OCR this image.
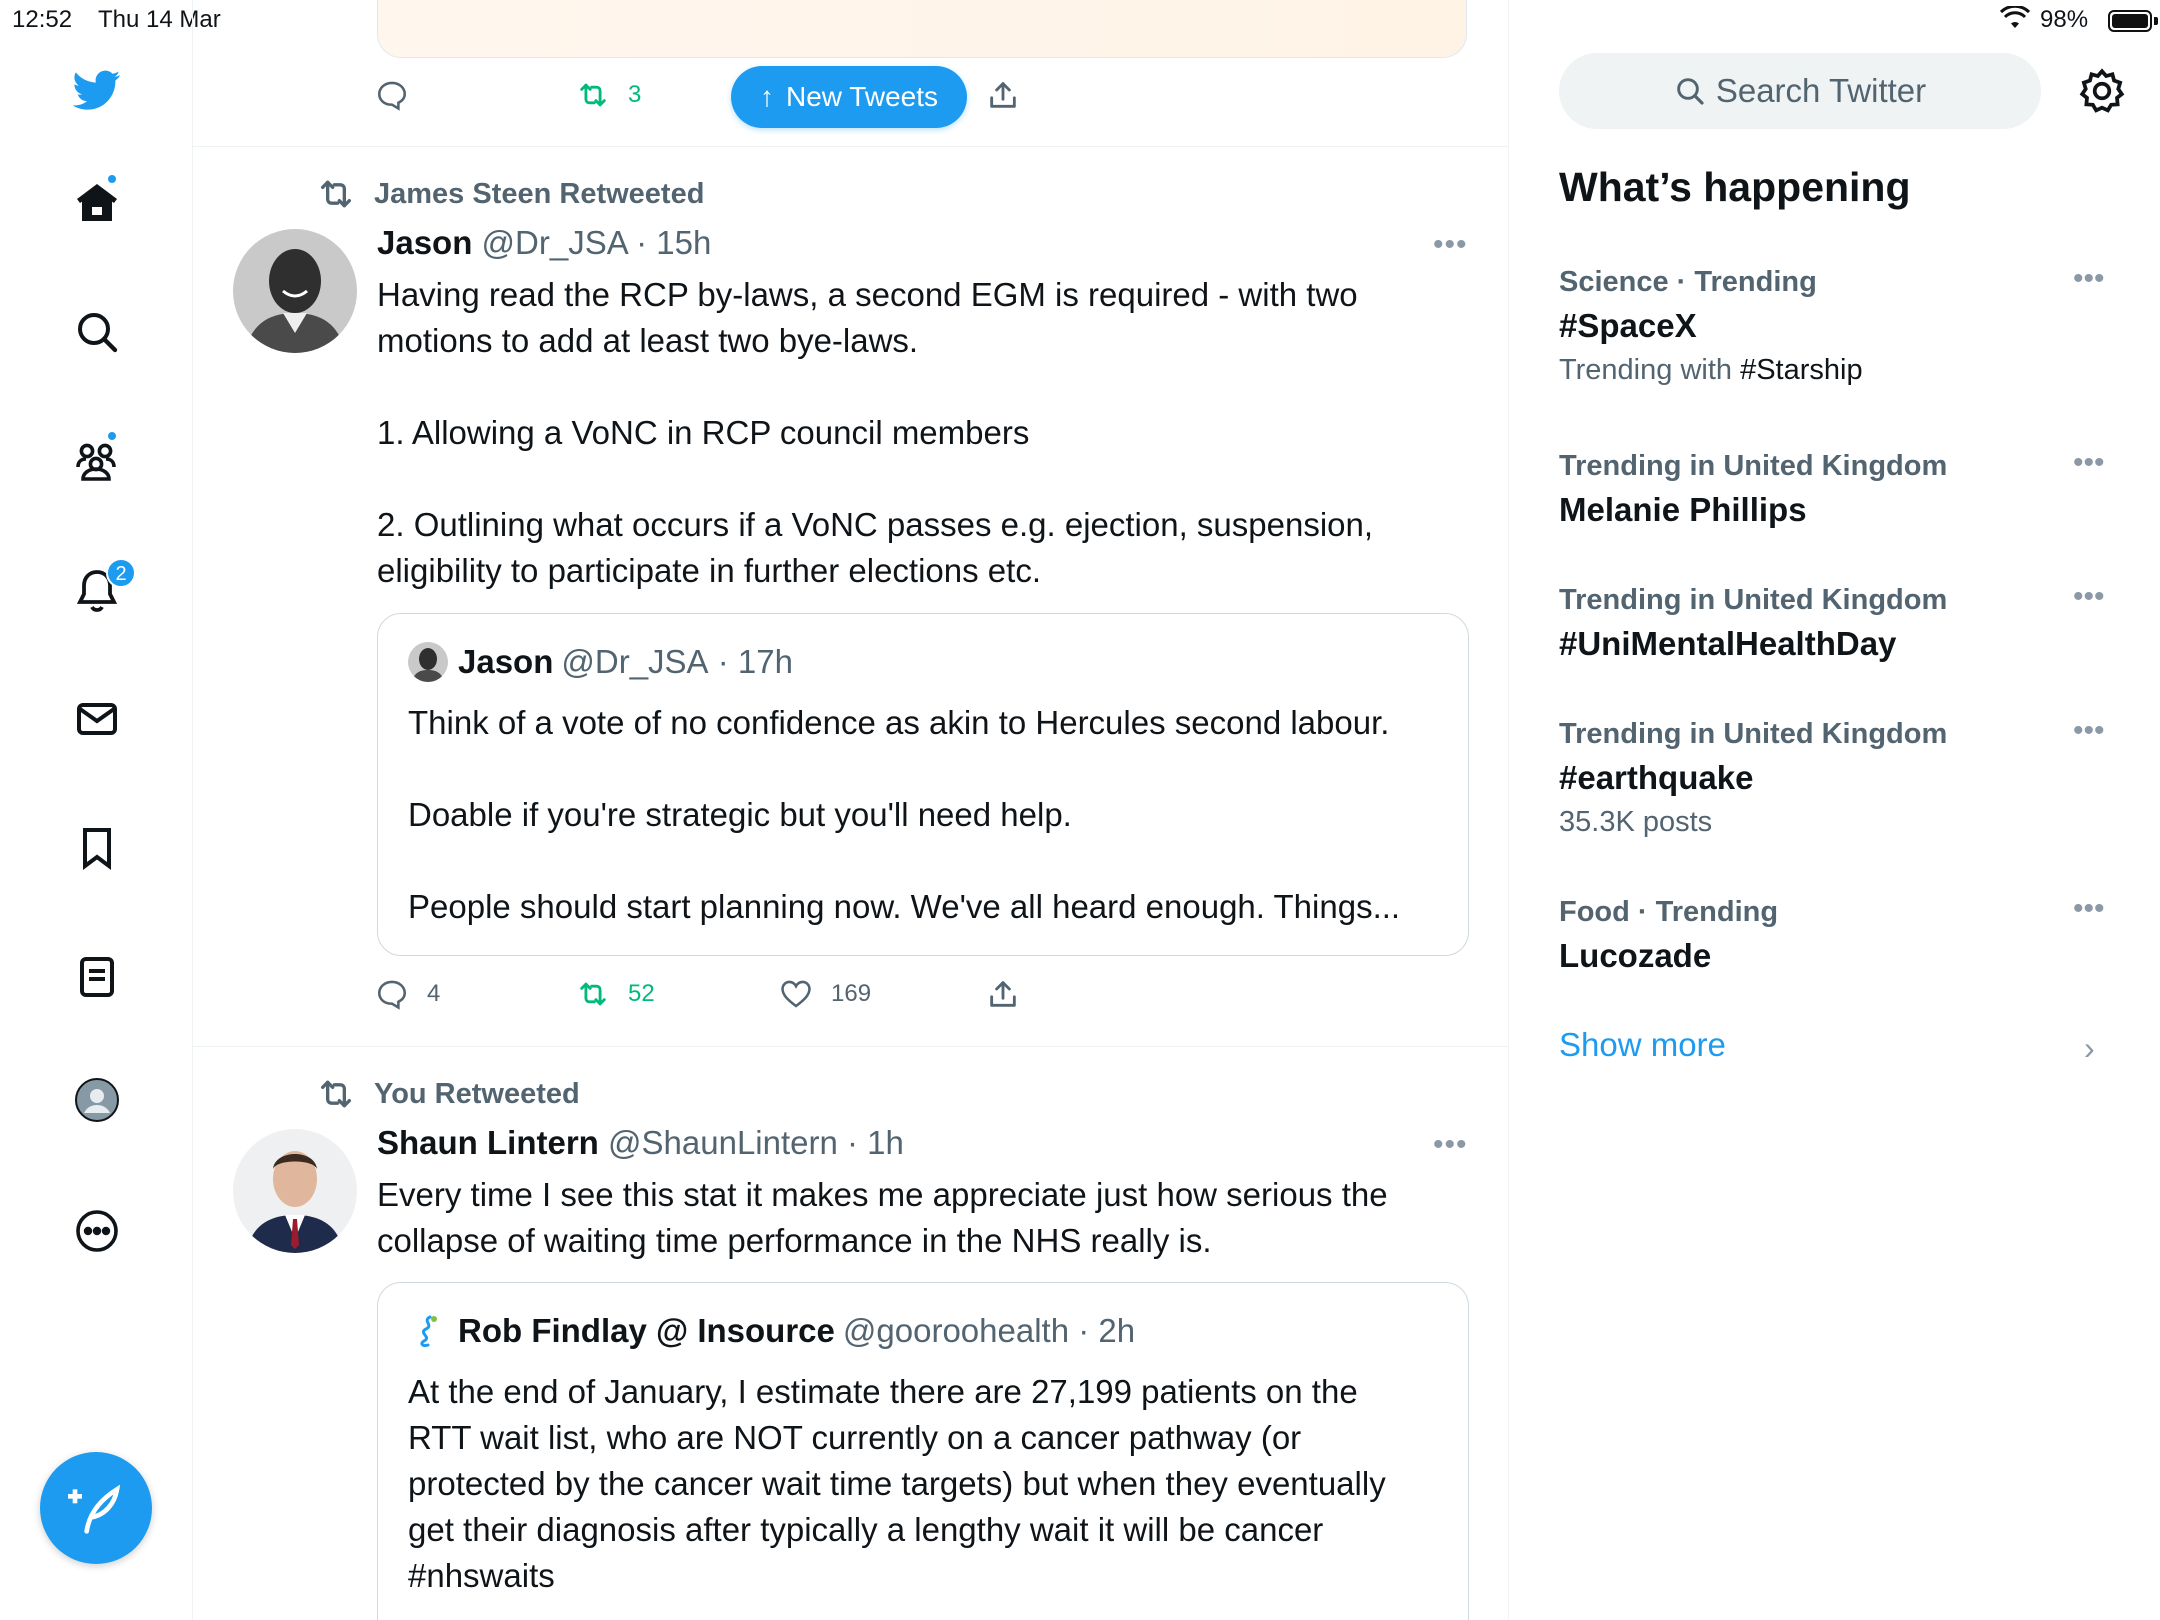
12:52 Thu 14 Mar	98%
2
3	↑ New Tweets
James Steen Retweeted
Jason @Dr_JSA · 15h	•••

Having read the RCP by-laws, a second EGM is required - with two

motions to add at least two bye-laws.

1. Allowing a VoNC in RCP council members

2. Outlining what occurs if a VoNC passes e.g. ejection, suspension,

eligibility to participate in further elections etc.

Jason @Dr_JSA · 17h

Think of a vote of no confidence as akin to Hercules second labour.

Doable if you're strategic but you'll need help.

People should start planning now. We've all heard enough. Things...

4	52	169
You Retweeted
Shaun Lintern @ShaunLintern · 1h	•••

Every time I see this stat it makes me appreciate just how serious the

collapse of waiting time performance in the NHS really is.

Rob Findlay @ Insource @gooroohealth · 2h

At the end of January, I estimate there are 27,199 patients on the

RTT wait list, who are NOT currently on a cancer pathway (or

protected by the cancer wait time targets) but when they eventually

get their diagnosis after typically a lengthy wait it will be cancer

#nhswaits

Search Twitter
What’s happening
Science · Trending
#SpaceX
Trending with #Starship
•••
Trending in United Kingdom
Melanie Phillips
•••
Trending in United Kingdom
#UniMentalHealthDay
•••
Trending in United Kingdom
#earthquake
35.3K posts
•••
Food · Trending
Lucozade
•••
Show more	›
